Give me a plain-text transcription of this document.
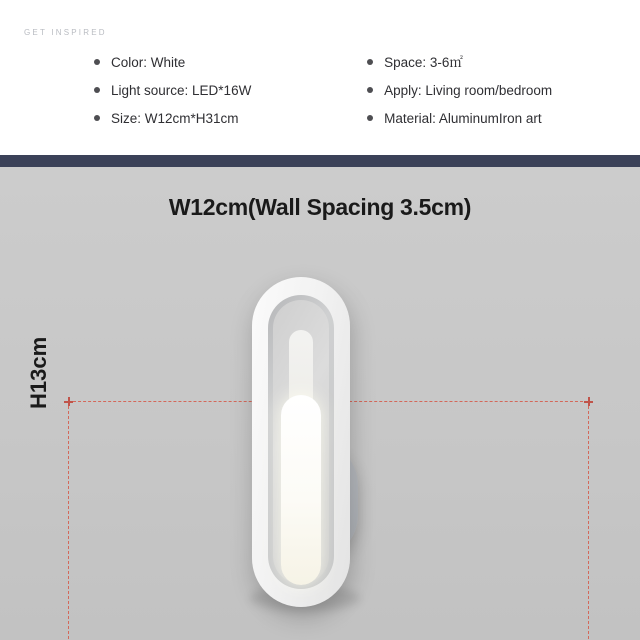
GET INSPIRED
Color: White
Light source: LED*16W
Size: W12cm*H31cm
Space: 3-6㎡
Apply: Living room/bedroom
Material: AluminumIron art
W12cm(Wall Spacing 3.5cm)
H13cm
